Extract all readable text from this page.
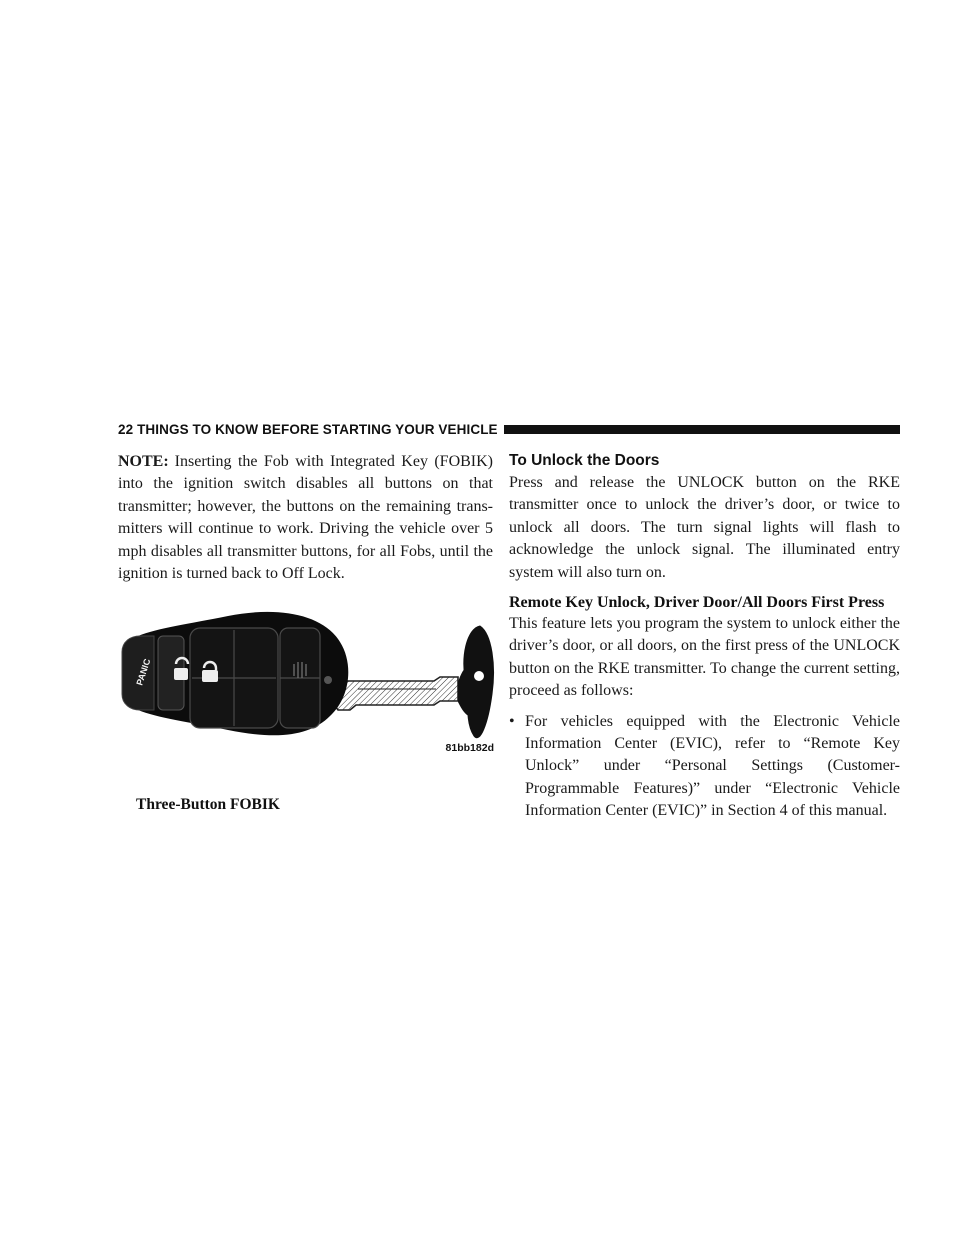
22 THINGS TO KNOW BEFORE STARTING YOUR VEHICLE

NOTE: Inserting the Fob with Integrated Key (FOBIK) into the ignition switch disables all buttons on that transmitter; however, the buttons on the remaining trans-mitters will continue to work. Driving the vehicle over 5 mph disables all transmitter buttons, for all Fobs, until the ignition is turned back to Off Lock.

PANIC
81bb182d
Three-Button FOBIK
To Unlock the Doors

Press and release the UNLOCK button on the RKE transmitter once to unlock the driver’s door, or twice to unlock all doors. The turn signal lights will flash to acknowledge the unlock signal. The illuminated entry system will also turn on.

Remote Key Unlock, Driver Door/All Doors First Press

This feature lets you program the system to unlock either the driver’s door, or all doors, on the first press of the UNLOCK button on the RKE transmitter. To change the current setting, proceed as follows:

• For vehicles equipped with the Electronic Vehicle Information Center (EVIC), refer to “Remote Key Unlock” under “Personal Settings (Customer-Programmable Features)” under “Electronic Vehicle Information Center (EVIC)” in Section 4 of this manual.
